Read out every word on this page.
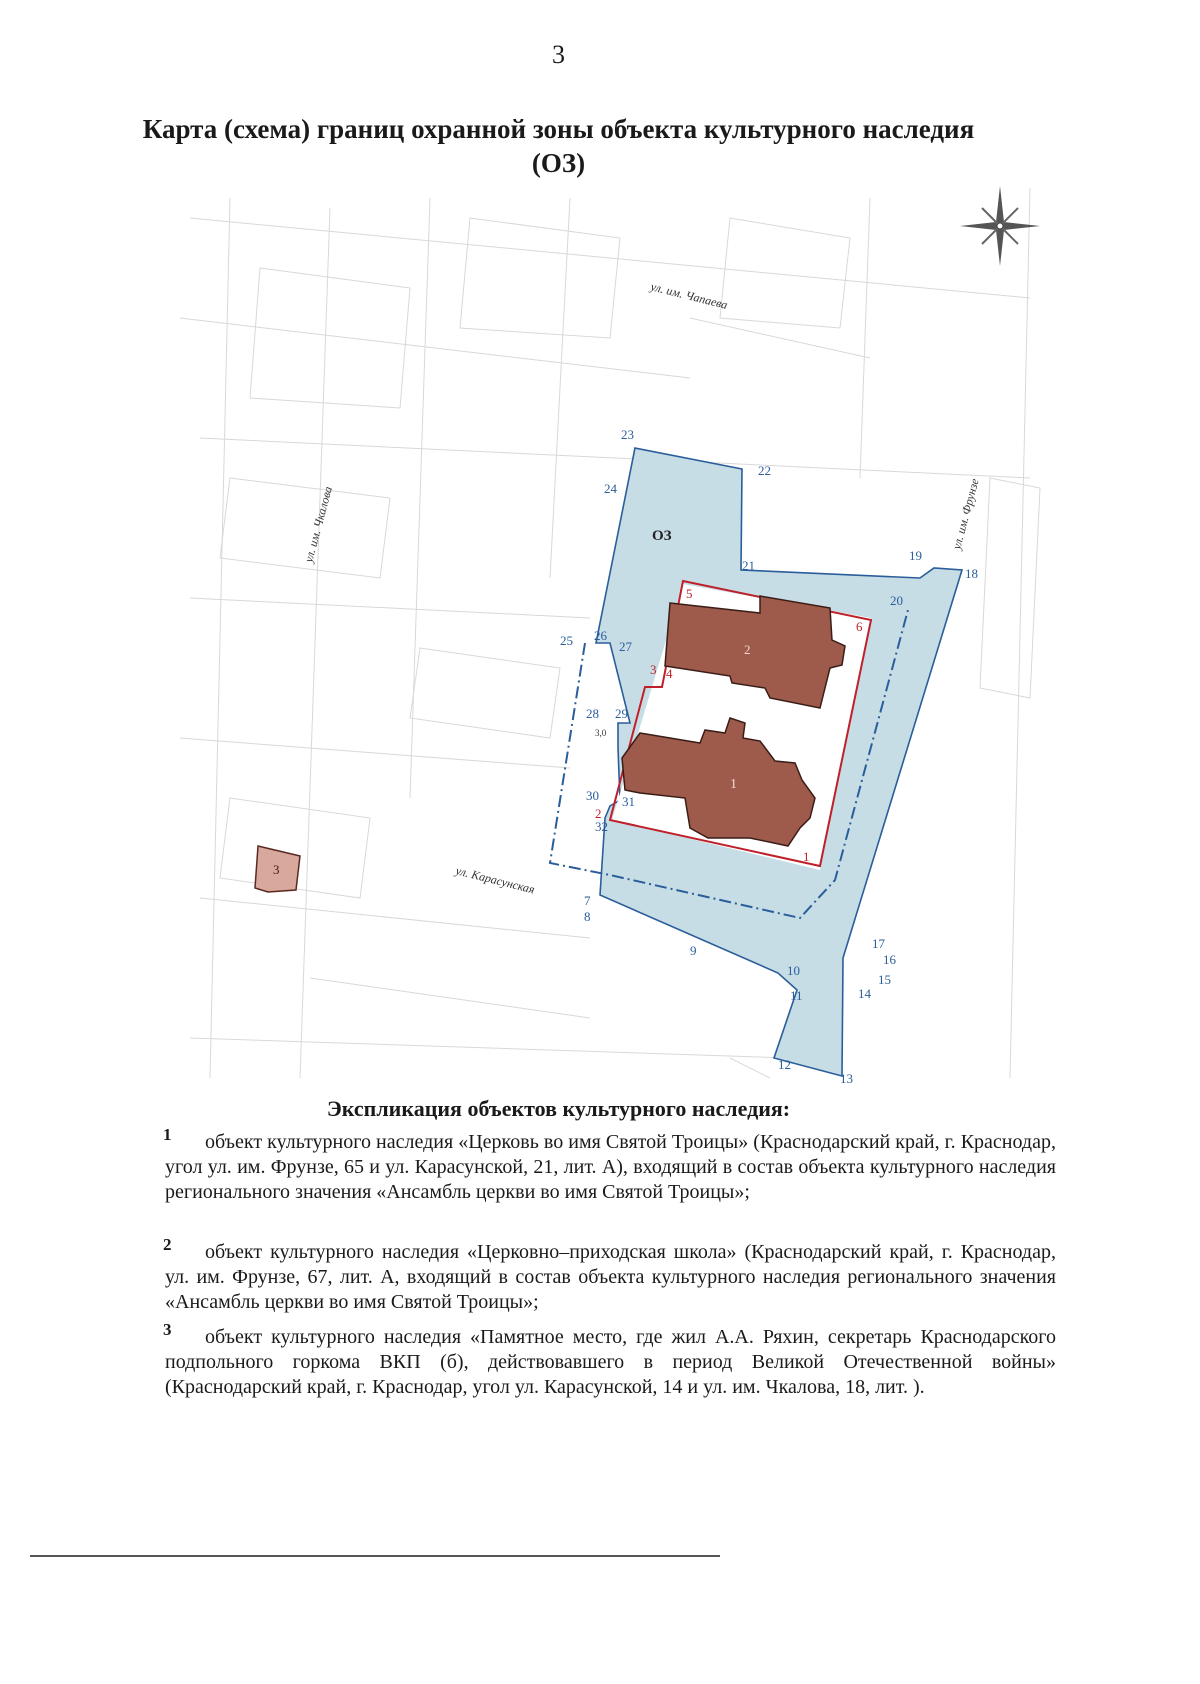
3
Карта (схема) границ охранной зоны объекта культурного наследия
(ОЗ)
ул. им. Чапаева
ул. им. Чкалова	ул. им. Фрунзе
ул. Карасунская
ОЗ
2
1
3
3,0
7
8
9
10
11
12
13
14
15
16
17
18
19
20
21
22
23
24
25 26
27
28 29
30 31
32
1
2
3 4
5
6
Экспликация объектов культурного наследия:
1 объект культурного наследия «Церковь во имя Святой Троицы» (Краснодарский край, г. Краснодар, угол ул. им. Фрунзе, 65 и ул. Карасунской, 21, лит. А), входящий в состав объекта культурного наследия регионального значения «Ансамбль церкви во имя Святой Троицы»;
2 объект культурного наследия «Церковно–приходская школа» (Краснодарский край, г. Краснодар, ул. им. Фрунзе, 67, лит. А, входящий в состав объекта культурного наследия регионального значения «Ансамбль церкви во имя Святой Троицы»;
3 объект культурного наследия «Памятное место, где жил А.А. Ряхин, секретарь Краснодарского подпольного горкома ВКП (б), действовавшего в период Великой Отечественной войны» (Краснодарский край, г. Краснодар, угол ул. Карасунской, 14 и ул. им. Чкалова, 18, лит. ).
